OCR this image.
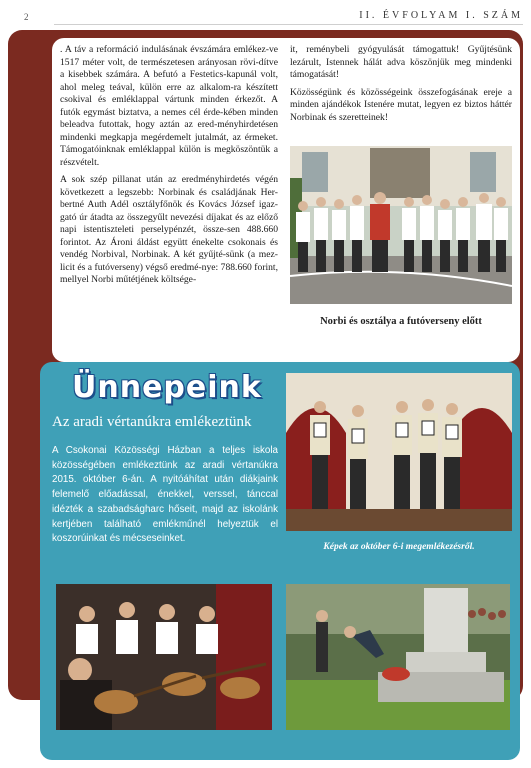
2	II. ÉVFOLYAM I. SZÁM

. A táv a reformáció indulásának évszámára emlékez-ve 1517 méter volt, de természetesen arányosan rövi-dítve a kisebbek számára. A befutó a Festetics-kapunál volt, ahol meleg teával, külön erre az alkalom-ra készített csokival és emléklappal vártunk minden érkezőt. A futók egymást biztatva, a nemes cél érde-kében minden beleadva futottak, hogy aztán az ered-ményhirdetésen mindenki megkapja megérdemelt jutalmát, az érmeket. Támogatóinknak emléklappal külön is megköszöntük a részvételt.

A sok szép pillanat után az eredményhirdetés végén következett a legszebb: Norbinak és családjának Her-bertné Auth Adél osztályfőnök és Kovács József igaz-gató úr átadta az összegyűlt nevezési díjakat és az előző napi istentiszteleti perselypénzét, össze-sen 488.660 forintot. Az Ároni áldást együtt énekelte csokonais és vendég Norbival, Norbinak. A két gyűjté-sünk (a mez-licit és a futóverseny) végső eredmé-nye: 788.660 forint, mellyel Norbi műtétjének költsége-

it, reménybeli gyógyulását támogattuk! Gyűjtésünk lezárult, Istennek hálát adva köszönjük meg mindenki támogatását!

Közösségünk és közösségeink összefogásának ereje a minden ajándékok Istenére mutat, legyen ez biztos háttér Norbinak és szeretteinek!

Norbi és osztálya a futóverseny előtt
Ünnepeink
Az aradi vértanúkra emlékeztünk
A Csokonai Közösségi Házban a teljes iskola közösségében emlékeztünk az aradi vértanúkra 2015. október 6-án. A nyitóáhítat után diákjaink felemelő előadással, énekkel, verssel, tánccal idézték a szabadságharc hőseit, majd az iskolánk kertjében található emlékműnél helyeztük el koszorúinkat és mécseseinket.
Képek az október 6-i megemlékezésről.
